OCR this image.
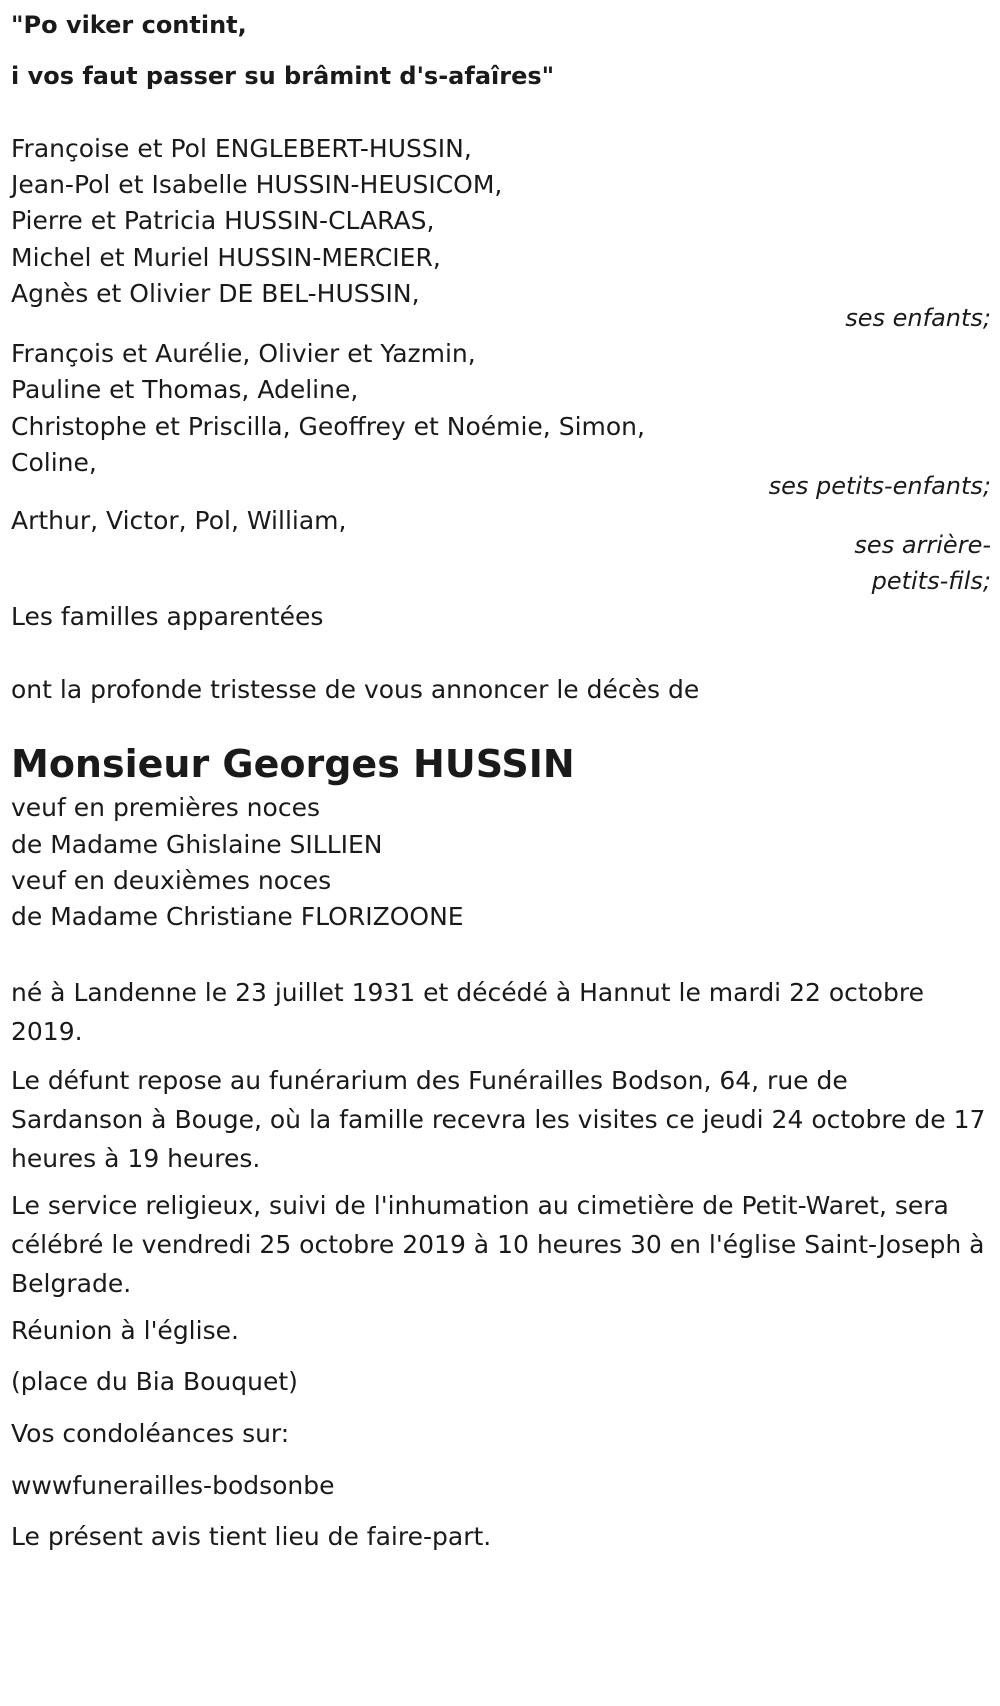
"Po viker contint,
i vos faut passer su brâmint d's-afaîres"
Françoise et Pol ENGLEBERT-HUSSIN,
Jean-Pol et Isabelle HUSSIN-HEUSICOM,
Pierre et Patricia HUSSIN-CLARAS,
Michel et Muriel HUSSIN-MERCIER,
Agnès et Olivier DE BEL-HUSSIN,
ses enfants;
François et Aurélie, Olivier et Yazmin,
Pauline et Thomas, Adeline,
Christophe et Priscilla, Geoffrey et Noémie, Simon,
Coline,
ses petits-enfants;
Arthur, Victor, Pol, William,
ses arrière-
petits-fils;
Les familles apparentées
ont la profonde tristesse de vous annoncer le décès de
Monsieur Georges HUSSIN
veuf en premières noces
de Madame Ghislaine SILLIEN
veuf en deuxièmes noces
de Madame Christiane FLORIZOONE
né à Landenne le 23 juillet 1931 et décédé à Hannut le mardi 22 octobre 2019.
Le défunt repose au funérarium des Funérailles Bodson, 64, rue de Sardanson à Bouge, où la famille recevra les visites ce jeudi 24 octobre de 17 heures à 19 heures.
Le service religieux, suivi de l'inhumation au cimetière de Petit-Waret, sera célébré le vendredi 25 octobre 2019 à 10 heures 30 en l'église Saint-Joseph à Belgrade.
Réunion à l'église.
(place du Bia Bouquet)
Vos condoléances sur:
wwwfunerailles-bodsonbe
Le présent avis tient lieu de faire-part.
